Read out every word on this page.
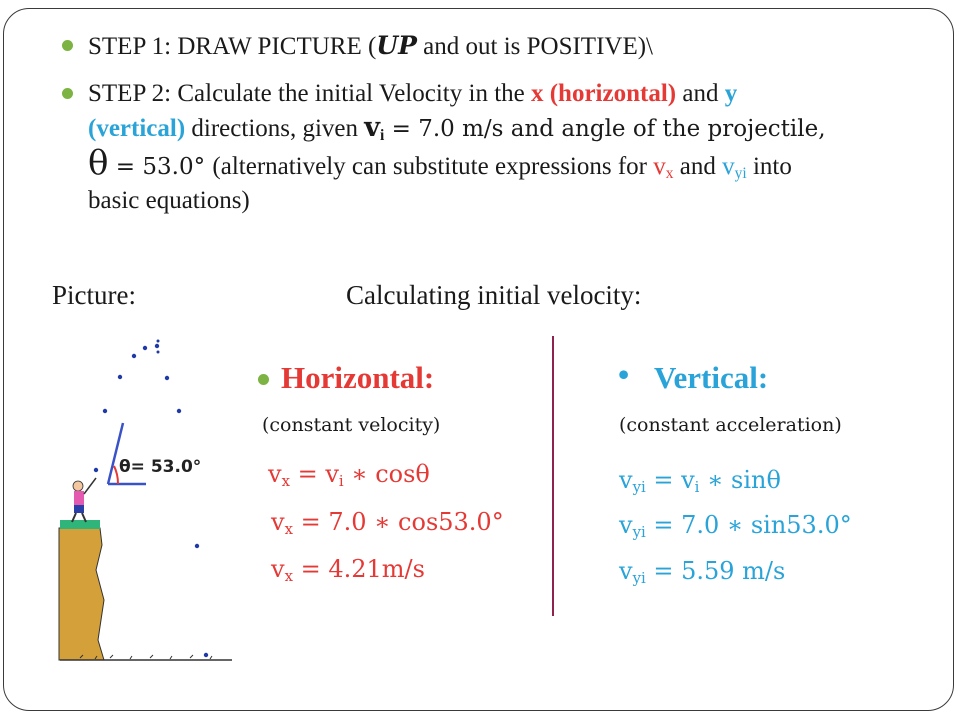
STEP 1: DRAW PICTURE (UP and out is POSITIVE)\
STEP 2: Calculate the initial Velocity in the x (horizontal) and y
(vertical) directions, given $v_i = 7.0$ m/s and angle of the projectile,
θ = 53.0° (alternatively can substitute expressions for $v_x$ and $v_{yi}$ into
basic equations)
Picture:	Calculating initial velocity:
θ= 53.0°
Horizontal:
(constant velocity)
$v_x = v_i$ ∗ cosθ
$v_x = 7.0$ ∗ cos53.0°
$v_x = 4.21m/s$
• Vertical:
(constant acceleration)
$v_{yi} = v_i$ ∗ sinθ
$v_{yi} = 7.0$ ∗ sin53.0°
$v_{yi} = 5.59$ m/s
